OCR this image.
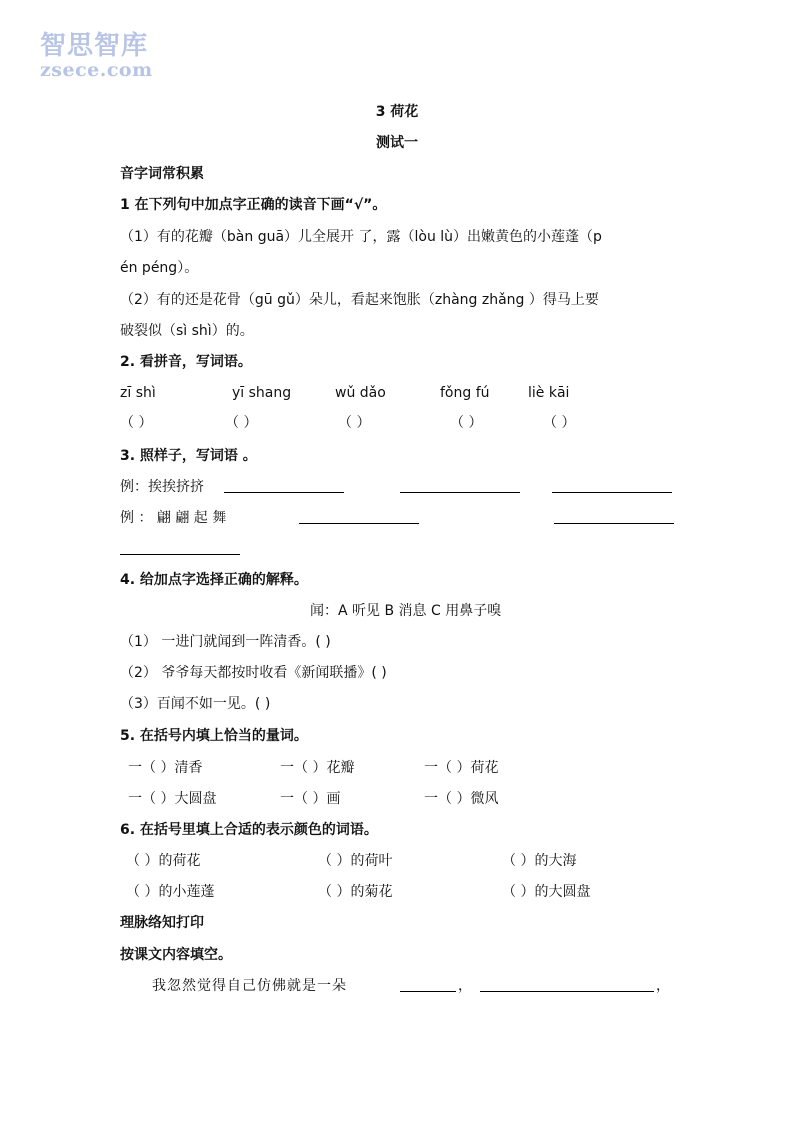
智思智库
zsece.com
3 荷花
测试一
音字词常积累
1 在下列句中加点字正确的读音下画“√”。
（1）有的花瓣（bàn guā）儿全展开 了，露（lòu lù）出嫩黄色的小莲蓬（p
én péng）。
（2）有的还是花骨（gū gǔ）朵儿，看起来饱胀（zhàng zhǎng ）得马上要
破裂似（sì shì）的。
2. 看拼音，写词语。
zī shì	yī shang	wǔ dǎo	fǒng fú	liè kāi
（ ）	（ ）	（ ）	（ ）	（ ）
3. 照样子，写词语 。
例：挨挨挤挤
例 ： 翩 翩 起 舞
4. 给加点字选择正确的解释。
闻：A 听见 B 消息 C 用鼻子嗅
（1） 一进门就闻到一阵清香。( )
（2） 爷爷每天都按时收看《新闻联播》( )
（3）百闻不如一见。( )
5. 在括号内填上恰当的量词。
一（ ）清香	一（ ）花瓣	一（ ）荷花
一（ ）大圆盘	一（ ）画	一（ ）微风
6. 在括号里填上合适的表示颜色的词语。
（ ）的荷花	（ ）的荷叶	（ ）的大海
（ ）的小莲蓬	（ ）的菊花	（ ）的大圆盘
理脉络知打印
按课文内容填空。
我忽然觉得自己仿佛就是一朵	，	，
